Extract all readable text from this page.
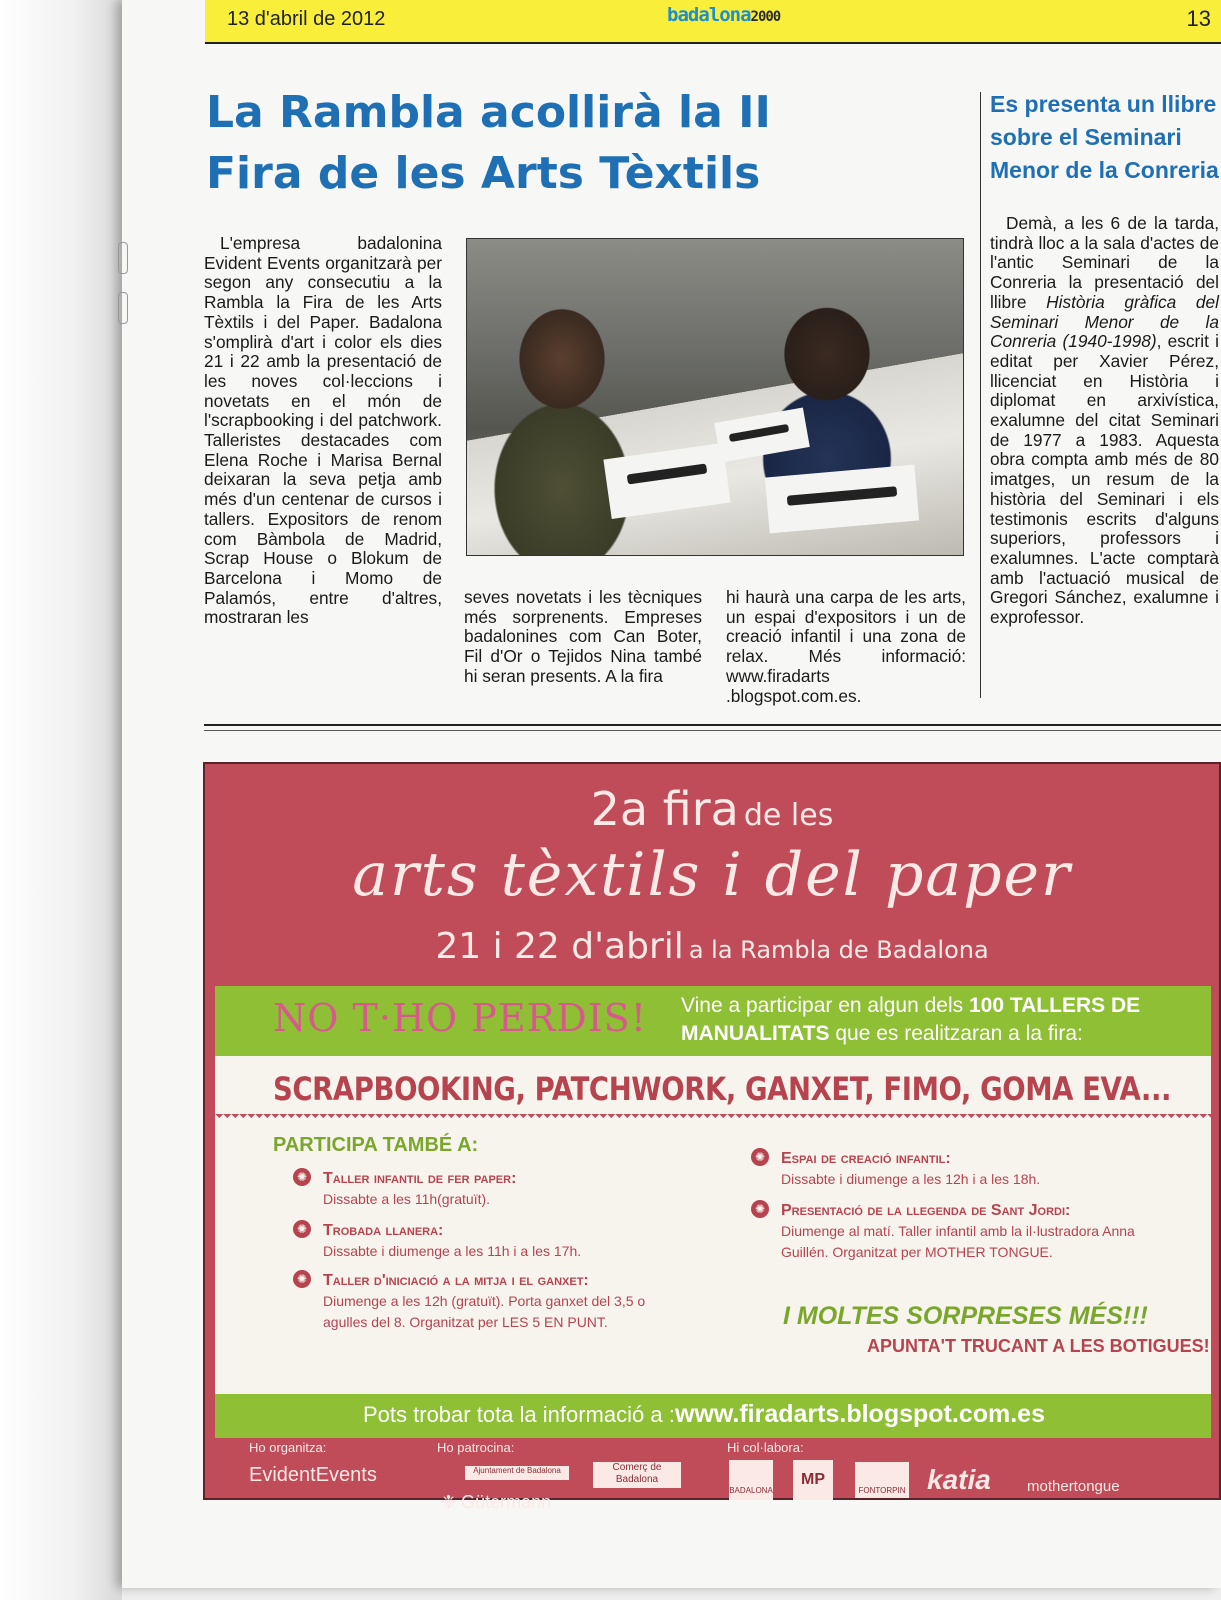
13 d'abril de 2012	badalona2000	13
La Rambla acollirà la II
Fira de les Arts Tèxtils
Es presenta un llibre
sobre el Seminari
Menor de la Conreria

Demà, a les 6 de la tarda, tindrà lloc a la sala d'actes de l'antic Seminari de la Conreria la presentació del llibre Història gràfica del Seminari Menor de la Conreria (1940-1998), escrit i editat per Xavier Pérez, llicenciat en Història i diplomat en arxivística, exalumne del citat Seminari de 1977 a 1983. Aquesta obra compta amb més de 80 imatges, un resum de la història del Seminari i els testimonis escrits d'alguns superiors, professors i exalumnes. L'acte comptarà amb l'actuació musical de Gregori Sánchez, exalumne i exprofessor.

L'empresa badalonina Evident Events organitzarà per segon any consecutiu a la Rambla la Fira de les Arts Tèxtils i del Paper. Badalona s'omplirà d'art i color els dies 21 i 22 amb la presentació de les noves col·leccions i novetats en el món de l'scrapbooking i del patchwork. Talleristes destacades com Elena Roche i Marisa Bernal deixaran la seva petja amb més d'un centenar de cursos i tallers. Expositors de renom com Bàmbola de Madrid, Scrap House o Blokum de Barcelona i Momo de Palamós, entre d'altres, mostraran les

seves novetats i les tècniques més sorprenents. Empreses badalonines com Can Boter, Fil d'Or o Tejidos Nina també hi seran presents. A la fira

hi haurà una carpa de les arts, un espai d'expositors i un de creació infantil i una zona de relax. Més informació: www.firadarts .blogspot.com.es.

2a fira de les
arts tèxtils i del paper
21 i 22 d'abril a la Rambla de Badalona
NO T·HO PERDIS! Vine a participar en algun dels 100 TALLERS DE MANUALITATS que es realitzaran a la fira:
SCRAPBOOKING, PATCHWORK, GANXET, FIMO, GOMA EVA...
PARTICIPA TAMBÉ A:
✺ Taller infantil de fer paper:
Dissabte a les 11h(gratuït).
✺ Trobada llanera:
Dissabte i diumenge a les 11h i a les 17h.
✺ Taller d'iniciació a la mitja i el ganxet:
Diumenge a les 12h (gratuït). Porta ganxet del 3,5 o agulles del 8. Organitzat per LES 5 EN PUNT.
✺ Espai de creació infantil:
Dissabte i diumenge a les 12h i a les 18h.
✺ Presentació de la llegenda de Sant Jordi:
Diumenge al matí. Taller infantil amb la il·lustradora Anna Guillén. Organitzat per MOTHER TONGUE.
I MOLTES SORPRESES MÉS!!!
APUNTA'T TRUCANT A LES BOTIGUES!
Pots trobar tota la informació a : www.firadarts.blogspot.com.es
Ho organitza:
EvidentEvents
Ho patrocina:
Ajuntament de Badalona	Comerç de Badalona
❉ Gütermann
Hi col·labora:
BADALONA
MP
FONTORPIN katia mothertongue
